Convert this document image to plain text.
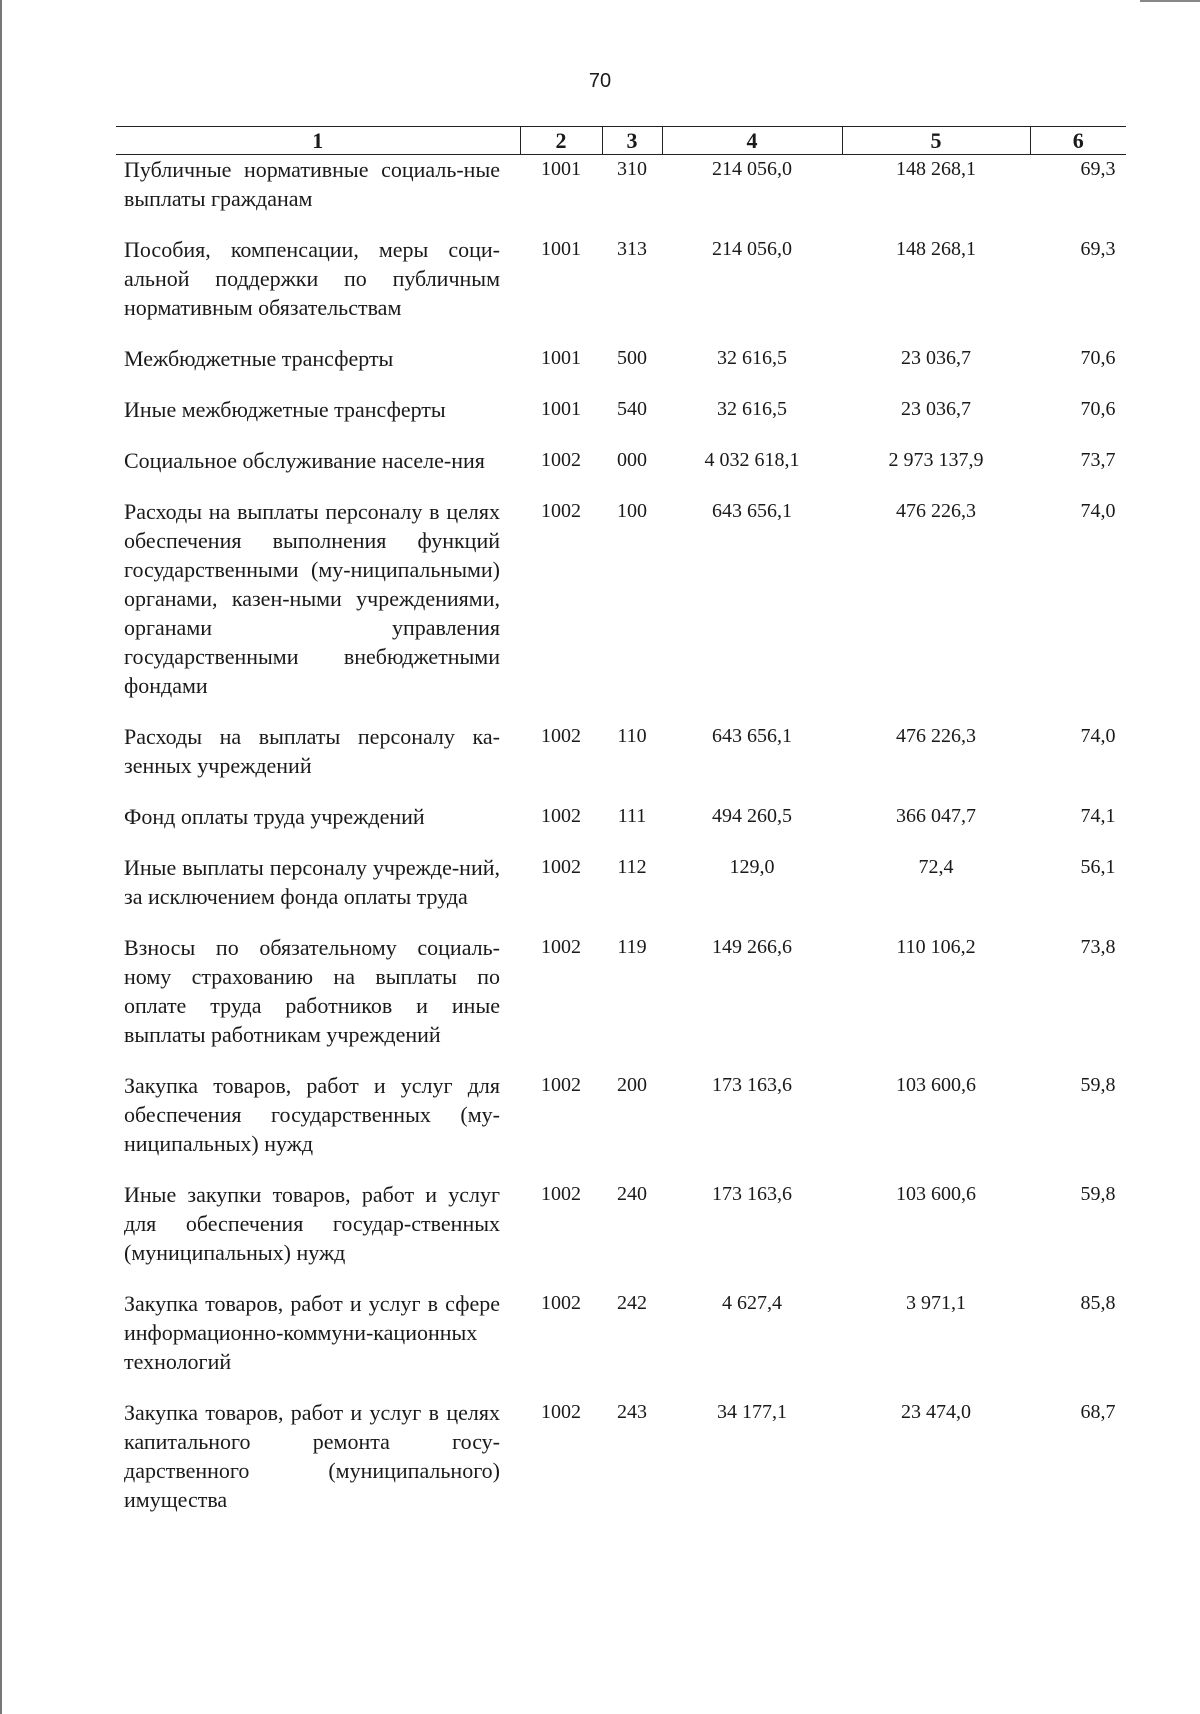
70
1	2	3	4	5	6
Публичные нормативные социаль-ные выплаты гражданам	1001	310	214 056,0	148 268,1	69,3
Пособия, компенсации, меры соци-альной поддержки по публичным нормативным обязательствам	1001	313	214 056,0	148 268,1	69,3
Межбюджетные трансферты	1001	500	32 616,5	23 036,7	70,6
Иные межбюджетные трансферты	1001	540	32 616,5	23 036,7	70,6
Социальное обслуживание населе-ния	1002	000	4 032 618,1	2 973 137,9	73,7
Расходы на выплаты персоналу в целях обеспечения выполнения функций государственными (му-ниципальными) органами, казен-ными учреждениями, органами управления государственными внебюджетными фондами	1002	100	643 656,1	476 226,3	74,0
Расходы на выплаты персоналу ка-зенных учреждений	1002	110	643 656,1	476 226,3	74,0
Фонд оплаты труда учреждений	1002	111	494 260,5	366 047,7	74,1
Иные выплаты персоналу учрежде-ний, за исключением фонда оплаты труда	1002	112	129,0	72,4	56,1
Взносы по обязательному социаль-ному страхованию на выплаты по оплате труда работников и иные выплаты работникам учреждений	1002	119	149 266,6	110 106,2	73,8
Закупка товаров, работ и услуг для обеспечения государственных (му-ниципальных) нужд	1002	200	173 163,6	103 600,6	59,8
Иные закупки товаров, работ и услуг для обеспечения государ-ственных (муниципальных) нужд	1002	240	173 163,6	103 600,6	59,8
Закупка товаров, работ и услуг в сфере информационно-коммуни-кационных технологий	1002	242	4 627,4	3 971,1	85,8
Закупка товаров, работ и услуг в целях капитального ремонта госу-дарственного (муниципального) имущества	1002	243	34 177,1	23 474,0	68,7
